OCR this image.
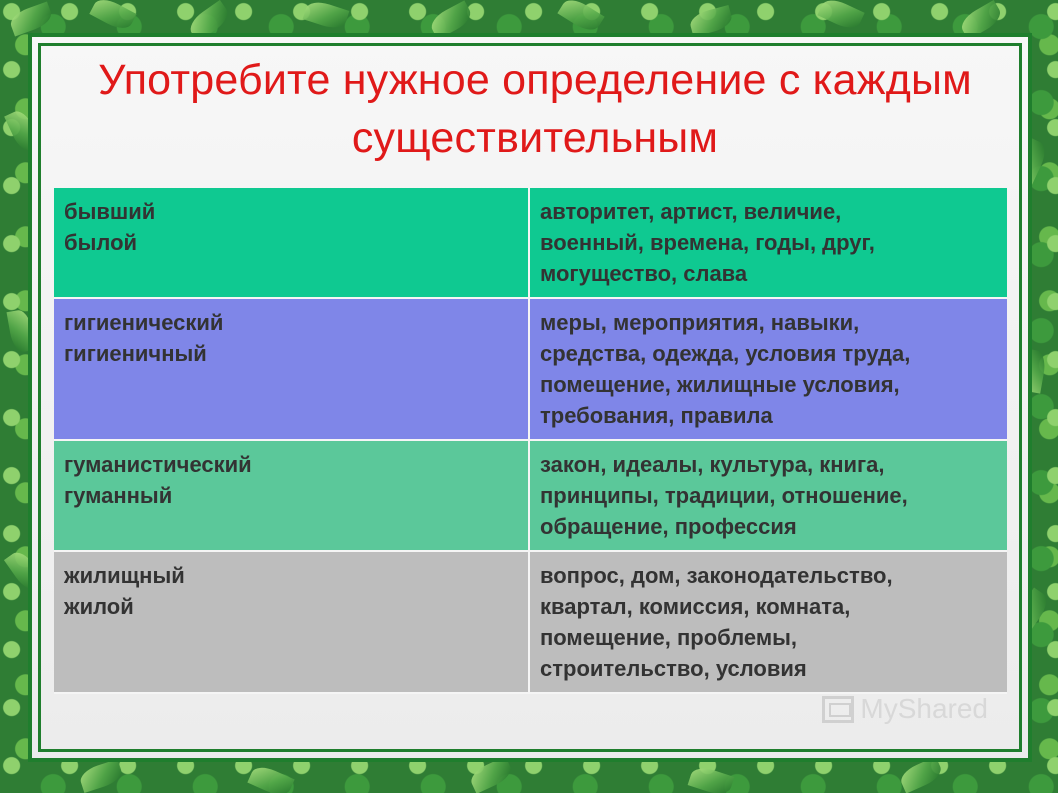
Употребите нужное определение с каждым существительным
бывший
былой	авторитет, артист, величие,
военный, времена, годы, друг,
могущество, слава

гигиенический
гигиеничный	меры, мероприятия, навыки,
средства, одежда, условия труда,
помещение, жилищные условия,
требования, правила

гуманистический
гуманный	закон, идеалы, культура, книга,
принципы, традиции, отношение,
обращение, профессия

жилищный
жилой	вопрос, дом, законодательство,
квартал, комиссия, комната,
помещение, проблемы,
строительство, условия
MyShared
